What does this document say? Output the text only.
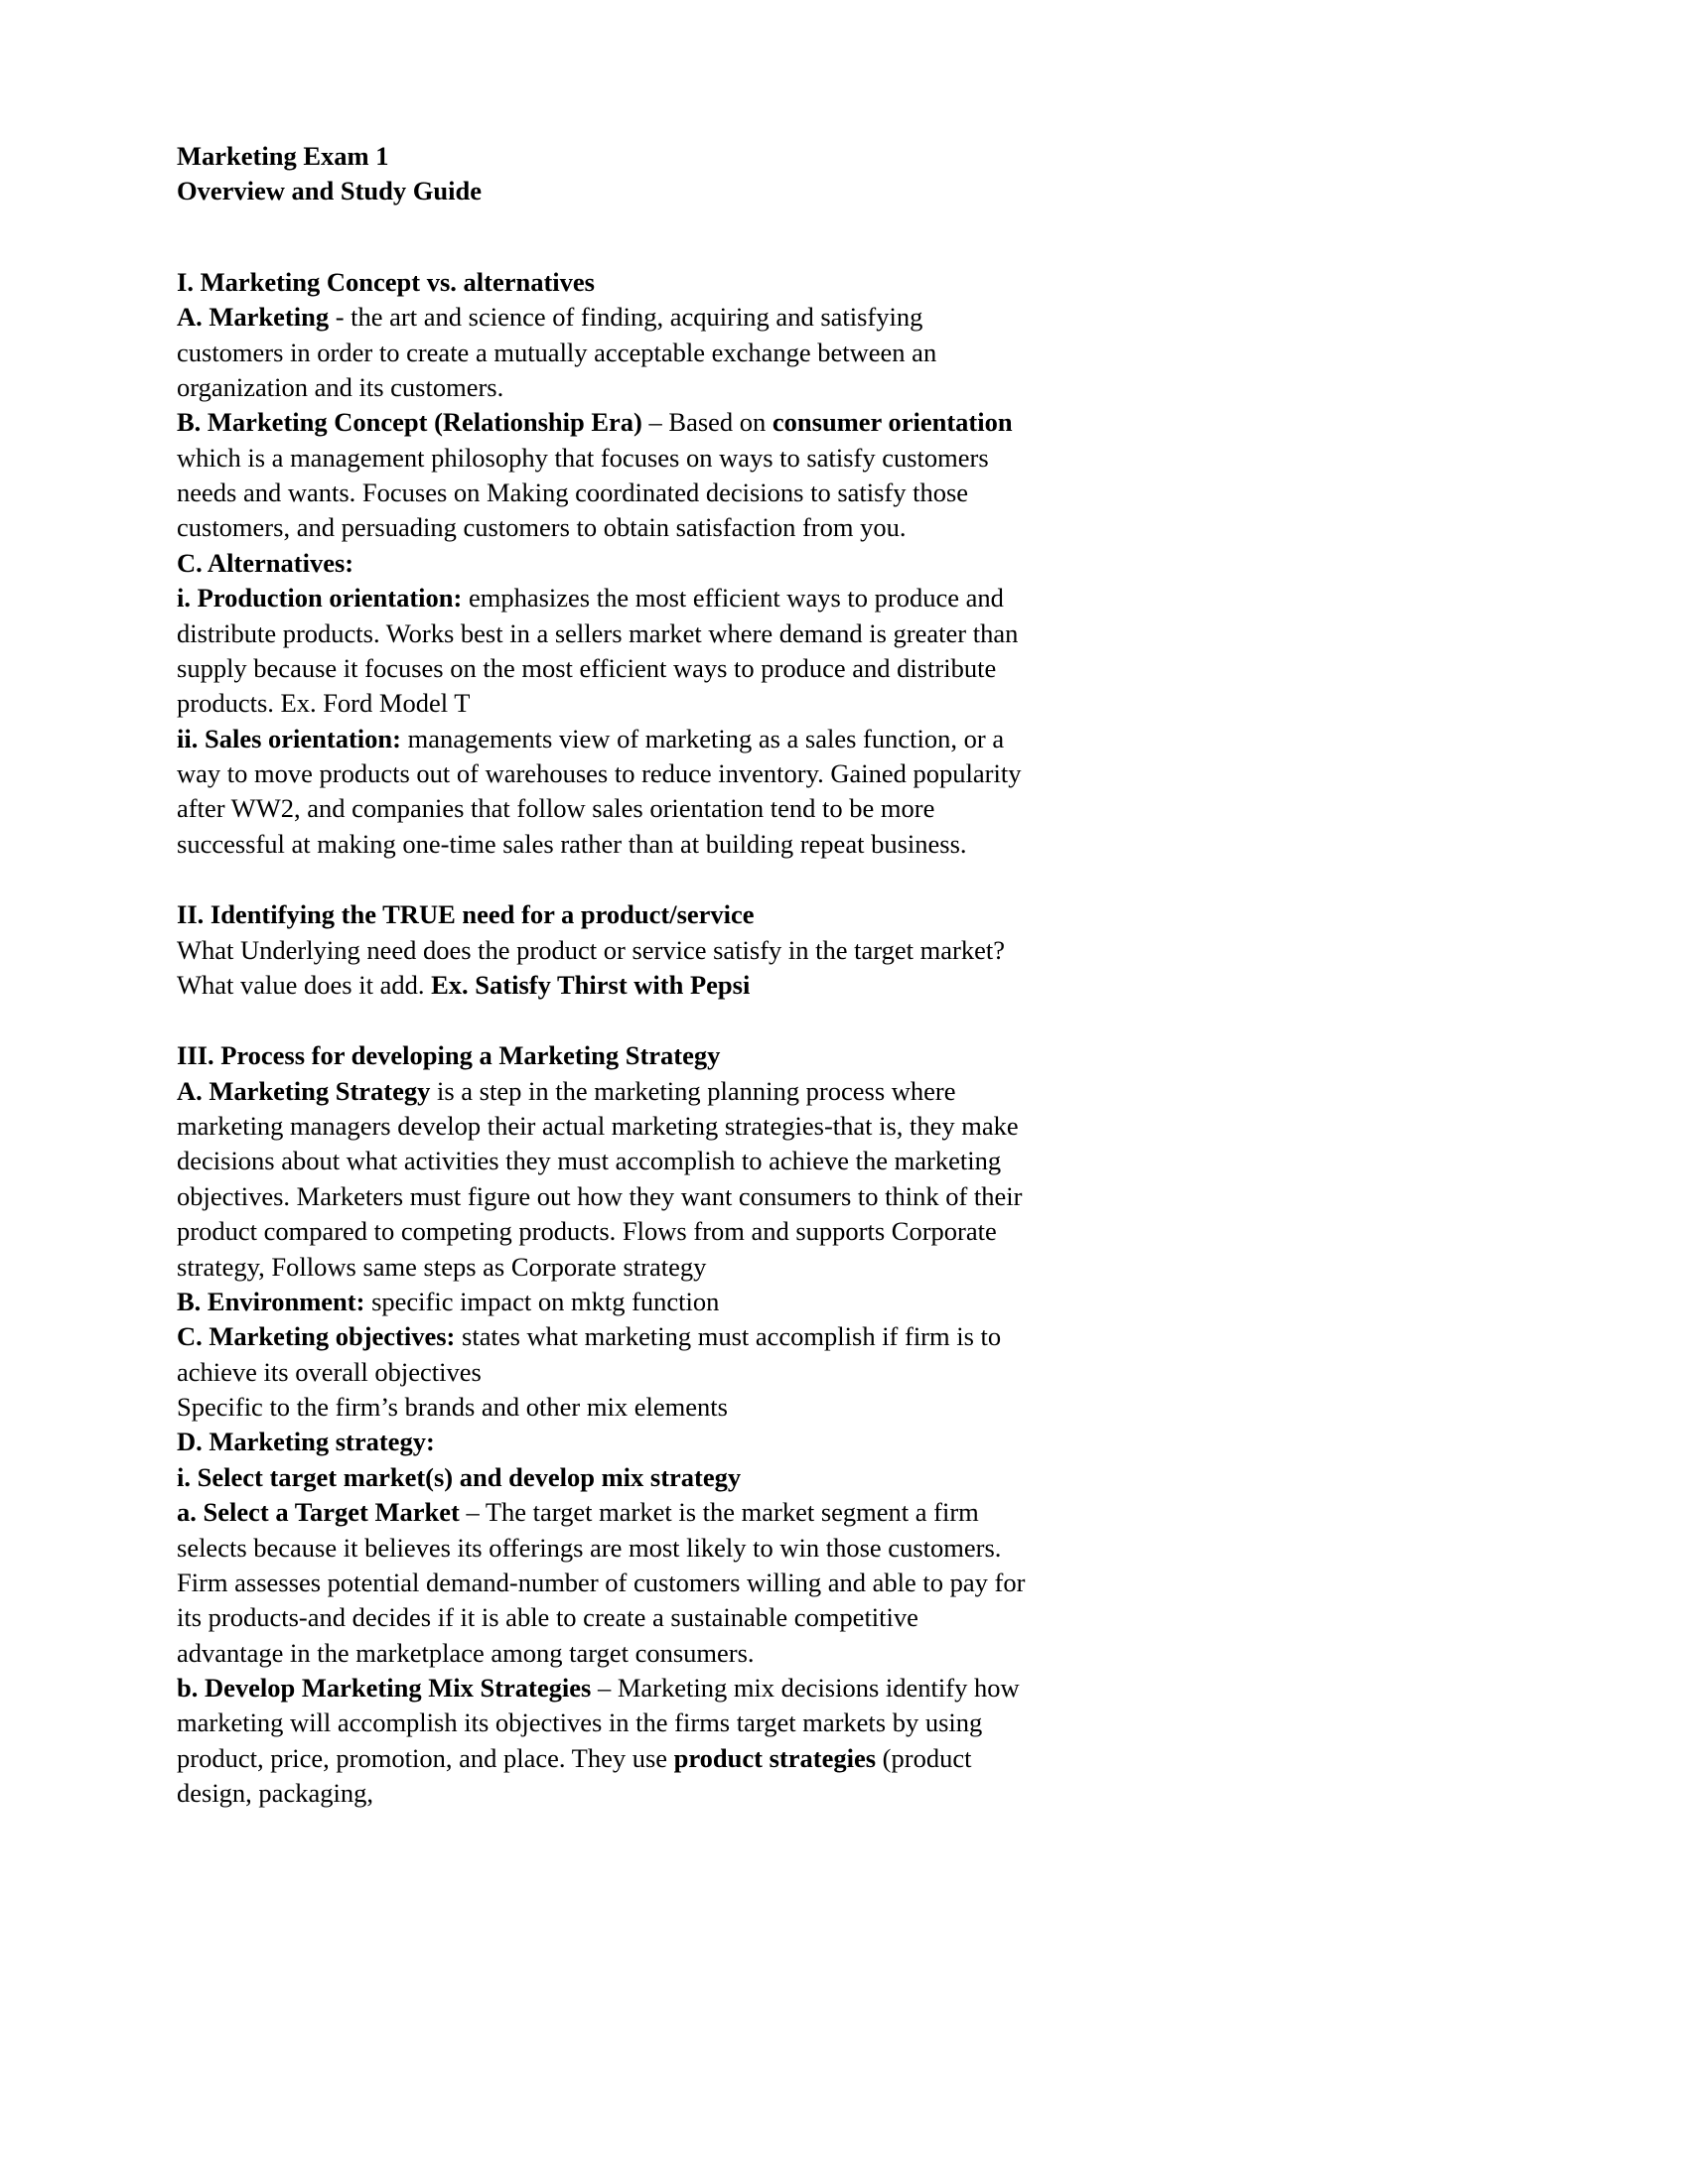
Marketing Exam 1
Overview and Study Guide
I. Marketing Concept vs. alternatives
A. Marketing - the art and science of finding, acquiring and satisfying customers in order to create a mutually acceptable exchange between an organization and its customers.
B. Marketing Concept (Relationship Era) – Based on consumer orientation which is a management philosophy that focuses on ways to satisfy customers needs and wants. Focuses on Making coordinated decisions to satisfy those customers, and persuading customers to obtain satisfaction from you.
C. Alternatives:
i. Production orientation: emphasizes the most efficient ways to produce and distribute products. Works best in a sellers market where demand is greater than supply because it focuses on the most efficient ways to produce and distribute products. Ex. Ford Model T
ii. Sales orientation: managements view of marketing as a sales function, or a way to move products out of warehouses to reduce inventory. Gained popularity after WW2, and companies that follow sales orientation tend to be more successful at making one-time sales rather than at building repeat business.
II. Identifying the TRUE need for a product/service
What Underlying need does the product or service satisfy in the target market? What value does it add. Ex. Satisfy Thirst with Pepsi
III. Process for developing a Marketing Strategy
A. Marketing Strategy is a step in the marketing planning process where marketing managers develop their actual marketing strategies-that is, they make decisions about what activities they must accomplish to achieve the marketing objectives. Marketers must figure out how they want consumers to think of their product compared to competing products. Flows from and supports Corporate strategy, Follows same steps as Corporate strategy
B. Environment: specific impact on mktg function
C. Marketing objectives: states what marketing must accomplish if firm is to achieve its overall objectives
Specific to the firm’s brands and other mix elements
D. Marketing strategy:
i. Select target market(s) and develop mix strategy
a. Select a Target Market – The target market is the market segment a firm selects because it believes its offerings are most likely to win those customers. Firm assesses potential demand-number of customers willing and able to pay for its products-and decides if it is able to create a sustainable competitive advantage in the marketplace among target consumers.
b. Develop Marketing Mix Strategies – Marketing mix decisions identify how marketing will accomplish its objectives in the firms target markets by using product, price, promotion, and place. They use product strategies (product design, packaging,
